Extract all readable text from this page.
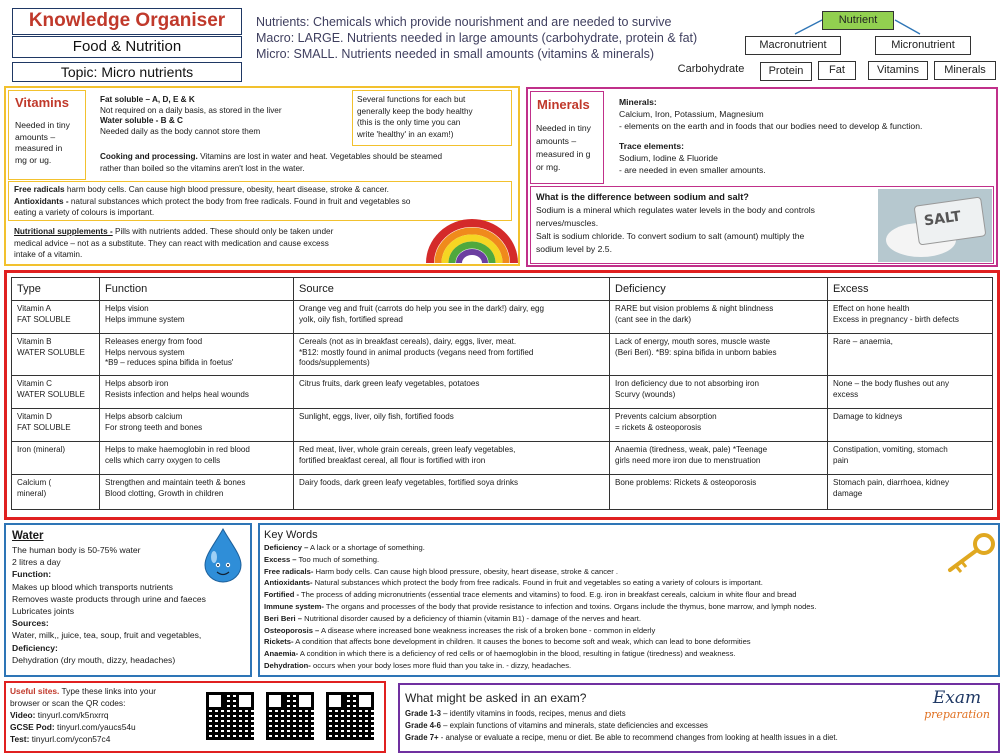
Knowledge Organiser
Food & Nutrition
Topic: Micro nutrients
Nutrients: Chemicals which provide nourishment and are needed to survive
Macro: LARGE. Nutrients needed in large amounts (carbohydrate, protein & fat)
Micro: SMALL. Nutrients needed in small amounts (vitamins & minerals)
Nutrient
Macronutrient	Micronutrient
Carbohydrate	Protein	Fat	Vitamins	Minerals
Vitamins
Needed in tiny
amounts –
measured in
mg or ug.
Fat soluble – A, D, E & K
Not required on a daily basis, as stored in the liver
Water soluble - B & C
Needed daily as the body cannot store them
Several functions for each but
generally keep the body healthy
(this is the only time you can
write 'healthy' in an exam!)
Cooking and processing. Vitamins are lost in water and heat. Vegetables should be steamed
rather than boiled so the vitamins aren't lost in the water.
Free radicals harm body cells. Can cause high blood pressure, obesity, heart disease, stroke & cancer.
Antioxidants - natural substances which protect the body from free radicals. Found in fruit and vegetables so
eating a variety of colours is important.
Nutritional supplements - Pills with nutrients added. These should only be taken under
medical advice – not as a substitute. They can react with medication and cause excess
intake of a vitamin.
Minerals
Needed in tiny
amounts –
measured in g
or mg.
Minerals:
Calcium, Iron, Potassium, Magnesium
- elements on the earth and in foods that our bodies need to develop & function.
Trace elements:
Sodium, Iodine & Fluoride
- are needed in even smaller amounts.
What is the difference between sodium and salt?
Sodium is a mineral which regulates water levels in the body and controls
nerves/muscles.
Salt is sodium chloride. To convert sodium to salt (amount) multiply the
sodium level by 2.5.
SALT
Type	Function	Source	Deficiency	Excess

Vitamin A
FAT SOLUBLE	Helps vision
Helps immune system	Orange veg and fruit (carrots do help you see in the dark!) dairy, egg
yolk, oily fish, fortified spread	RARE but vision problems & night blindness
(cant see in the dark)	Effect on hone health
Excess in pregnancy - birth defects

Vitamin B
WATER SOLUBLE	Releases energy from food
Helps nervous system
*B9 – reduces spina bifida in foetus'	Cereals (not as in breakfast cereals), dairy, eggs, liver, meat.
*B12: mostly found in animal products (vegans need from fortified
foods/supplements)	Lack of energy, mouth sores, muscle waste
(Beri Beri). *B9: spina bifida in unborn babies	Rare – anaemia,

Vitamin C
WATER SOLUBLE	Helps absorb iron
Resists infection and helps heal wounds	Citrus fruits, dark green leafy vegetables, potatoes	Iron deficiency due to not absorbing iron
Scurvy (wounds)	None – the body flushes out any
excess

Vitamin D
FAT SOLUBLE	Helps absorb calcium
For strong teeth and bones	Sunlight, eggs, liver, oily fish, fortified foods	Prevents calcium absorption
= rickets & osteoporosis	Damage to kidneys

Iron (mineral)	Helps to make haemoglobin in red blood
cells which carry oxygen to cells	Red meat, liver, whole grain cereals, green leafy vegetables,
fortified breakfast cereal, all flour is fortified with iron	Anaemia (tiredness, weak, pale) *Teenage
girls need more iron due to menstruation	Constipation, vomiting, stomach
pain

Calcium (
mineral)	Strengthen and maintain teeth & bones
Blood clotting, Growth in children	Dairy foods, dark green leafy vegetables, fortified soya drinks	Bone problems: Rickets & osteoporosis	Stomach pain, diarrhoea, kidney
damage
Water
The human body is 50-75% water
2 litres a day
Function:
Makes up blood which transports nutrients
Removes waste products through urine and faeces
Lubricates joints
Sources:
Water, milk,, juice, tea, soup, fruit and vegetables,
Deficiency:
Dehydration (dry mouth, dizzy, headaches)
Key Words
Deficiency – A lack or a shortage of something.
Excess – Too much of something.
Free radicals- Harm body cells. Can cause high blood pressure, obesity, heart disease, stroke & cancer .
Antioxidants- Natural substances which protect the body from free radicals. Found in fruit and vegetables so eating a variety of colours is important.
Fortified - The process of adding micronutrients (essential trace elements and vitamins) to food. E.g. iron in breakfast cereals, calcium in white flour and bread
Immune system- The organs and processes of the body that provide resistance to infection and toxins. Organs include the thymus, bone marrow, and lymph nodes.
Beri Beri – Nutritional disorder caused by a deficiency of thiamin (vitamin B1) - damage of the nerves and heart.
Osteoporosis – A disease where increased bone weakness increases the risk of a broken bone - common in elderly
Rickets- A condition that affects bone development in children. It causes the bones to become soft and weak, which can lead to bone deformities
Anaemia- A condition in which there is a deficiency of red cells or of haemoglobin in the blood, resulting in fatigue (tiredness) and weakness.
Dehydration- occurs when your body loses more fluid than you take in. - dizzy, headaches.
Useful sites. Type these links into your
browser or scan the QR codes:
Video: tinyurl.com/k5nxrrq
GCSE Pod: tinyurl.com/yaucs54u
Test: tinyurl.com/ycon57c4
What might be asked in an exam?
Grade 1-3 – identify vitamins in foods, recipes, menus and diets
Grade 4-6 – explain functions of vitamins and minerals, state deficiencies and excesses
Grade 7+ - analyse or evaluate a recipe, menu or diet. Be able to recommend changes from looking at health issues in a diet.
Exam
preparation
